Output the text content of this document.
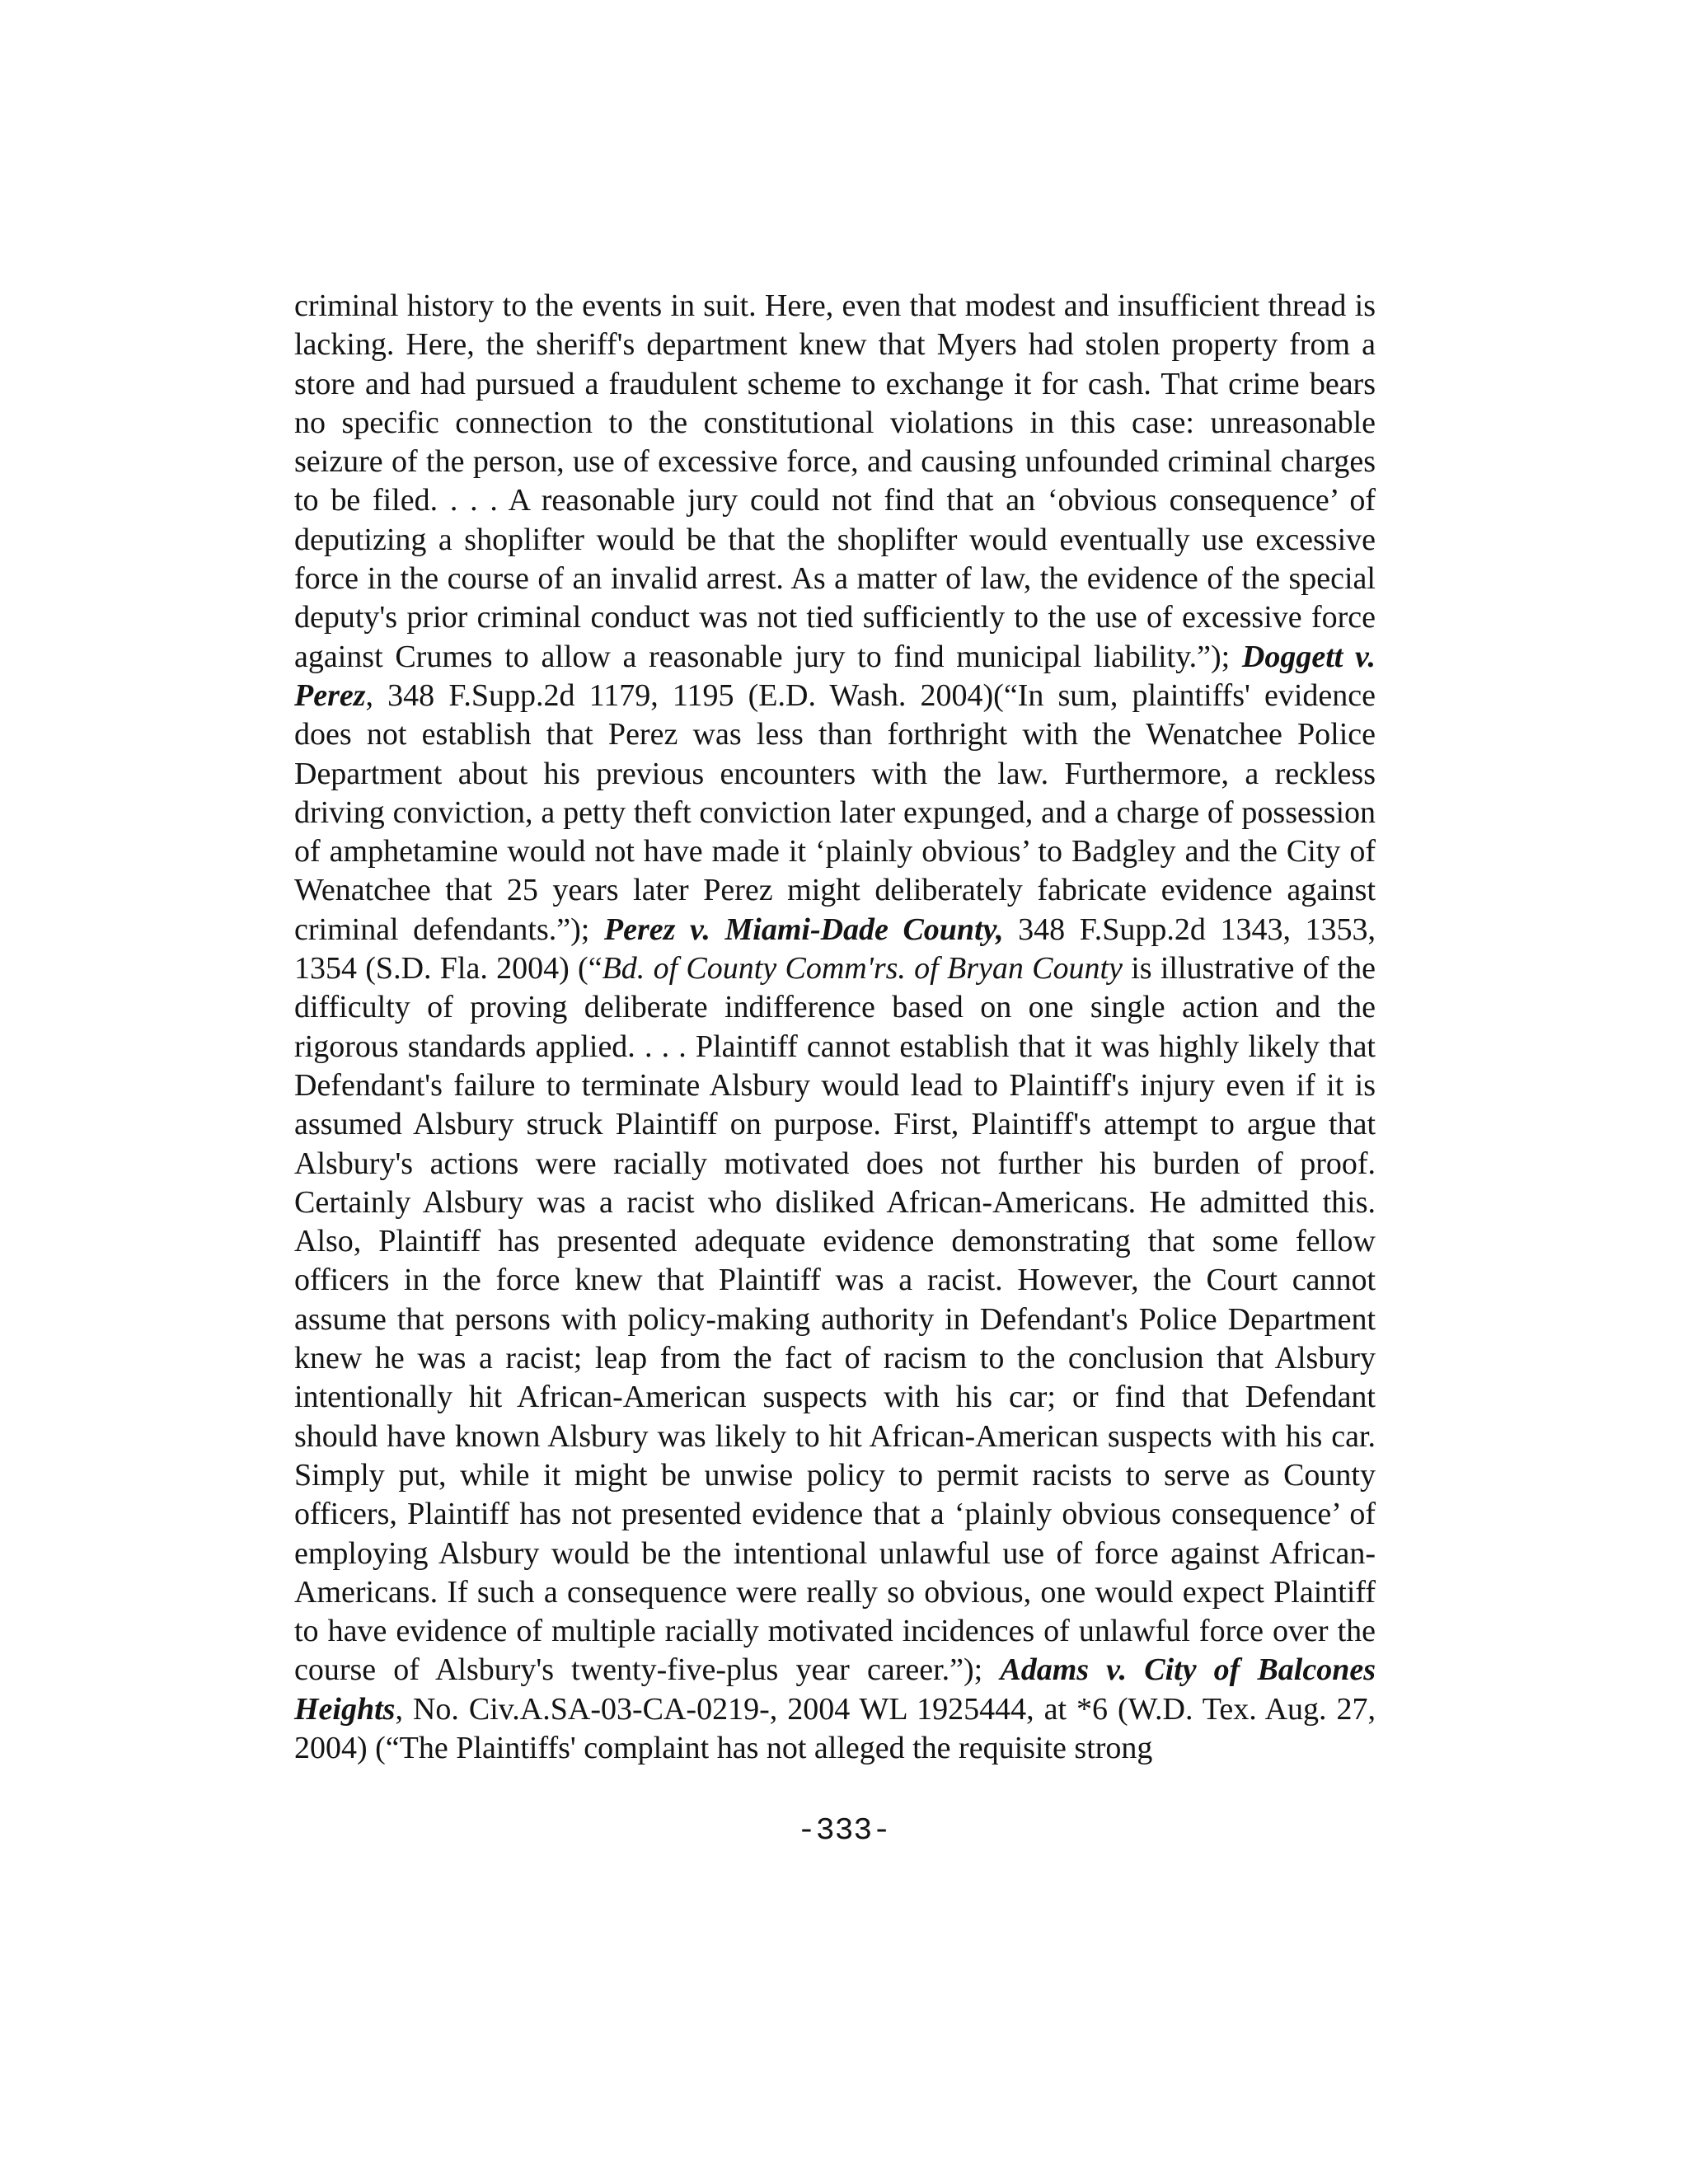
criminal history to the events in suit. Here, even that modest and insufficient thread is lacking. Here, the sheriff's department knew that Myers had stolen property from a store and had pursued a fraudulent scheme to exchange it for cash. That crime bears no specific connection to the constitutional violations in this case: unreasonable seizure of the person, use of excessive force, and causing unfounded criminal charges to be filed. . . . A reasonable jury could not find that an ‘obvious consequence’ of deputizing a shoplifter would be that the shoplifter would eventually use excessive force in the course of an invalid arrest. As a matter of law, the evidence of the special deputy's prior criminal conduct was not tied sufficiently to the use of excessive force against Crumes to allow a reasonable jury to find municipal liability.”); Doggett v. Perez, 348 F.Supp.2d 1179, 1195 (E.D. Wash. 2004)(“In sum, plaintiffs' evidence does not establish that Perez was less than forthright with the Wenatchee Police Department about his previous encounters with the law. Furthermore, a reckless driving conviction, a petty theft conviction later expunged, and a charge of possession of amphetamine would not have made it ‘plainly obvious’ to Badgley and the City of Wenatchee that 25 years later Perez might deliberately fabricate evidence against criminal defendants.”); Perez v. Miami-Dade County, 348 F.Supp.2d 1343, 1353, 1354 (S.D. Fla. 2004) (“Bd. of County Comm'rs. of Bryan County is illustrative of the difficulty of proving deliberate indifference based on one single action and the rigorous standards applied. . . . Plaintiff cannot establish that it was highly likely that Defendant's failure to terminate Alsbury would lead to Plaintiff's injury even if it is assumed Alsbury struck Plaintiff on purpose. First, Plaintiff's attempt to argue that Alsbury's actions were racially motivated does not further his burden of proof. Certainly Alsbury was a racist who disliked African-Americans. He admitted this. Also, Plaintiff has presented adequate evidence demonstrating that some fellow officers in the force knew that Plaintiff was a racist. However, the Court cannot assume that persons with policy-making authority in Defendant's Police Department knew he was a racist; leap from the fact of racism to the conclusion that Alsbury intentionally hit African-American suspects with his car; or find that Defendant should have known Alsbury was likely to hit African-American suspects with his car. Simply put, while it might be unwise policy to permit racists to serve as County officers, Plaintiff has not presented evidence that a ‘plainly obvious consequence’ of employing Alsbury would be the intentional unlawful use of force against African-Americans. If such a consequence were really so obvious, one would expect Plaintiff to have evidence of multiple racially motivated incidences of unlawful force over the course of Alsbury's twenty-five-plus year career.”); Adams v. City of Balcones Heights, No. Civ.A.SA-03-CA-0219-, 2004 WL 1925444, at *6 (W.D. Tex. Aug. 27, 2004) (“The Plaintiffs' complaint has not alleged the requisite strong

-333-
